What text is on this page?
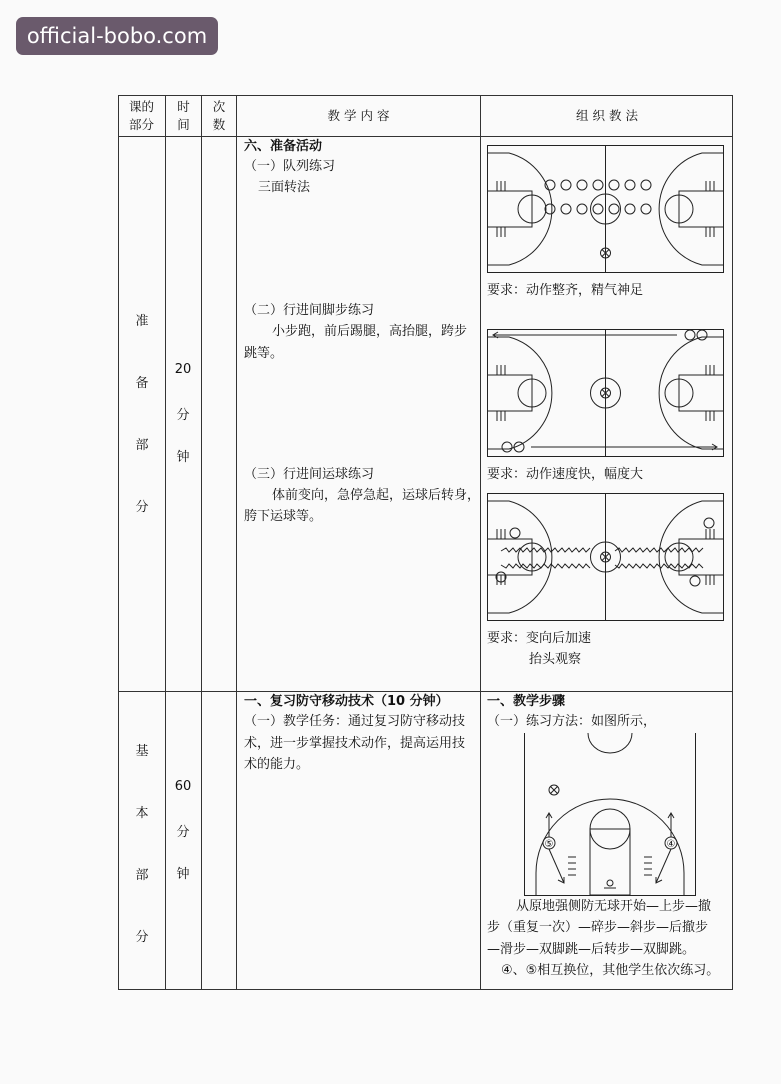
official-bobo.com
课的
部分
时
间
次
数
教 学 内 容	组 织 教 法
准
备
部
分
20
分
钟
六、准备活动
（一）队列练习
三面转法
（二）行进间脚步练习
小步跑，前后踢腿，高抬腿，跨步
跳等。
（三）行进间运球练习
体前变向，急停急起，运球后转身，
胯下运球等。
要求：动作整齐，精气神足
要求：动作速度快，幅度大
要求：变向后加速
抬头观察
基
本
部
分
60
分
钟
一、复习防守移动技术（10 分钟）
（一）教学任务：通过复习防守移动技
术，进一步掌握技术动作，提高运用技
术的能力。
一、教学步骤
（一）练习方法：如图所示，
⑤	④
从原地强侧防无球开始—上步—撤
步（重复一次）—碎步—斜步—后撤步
—滑步—双脚跳—后转步—双脚跳。
④、⑤相互换位，其他学生依次练习。
